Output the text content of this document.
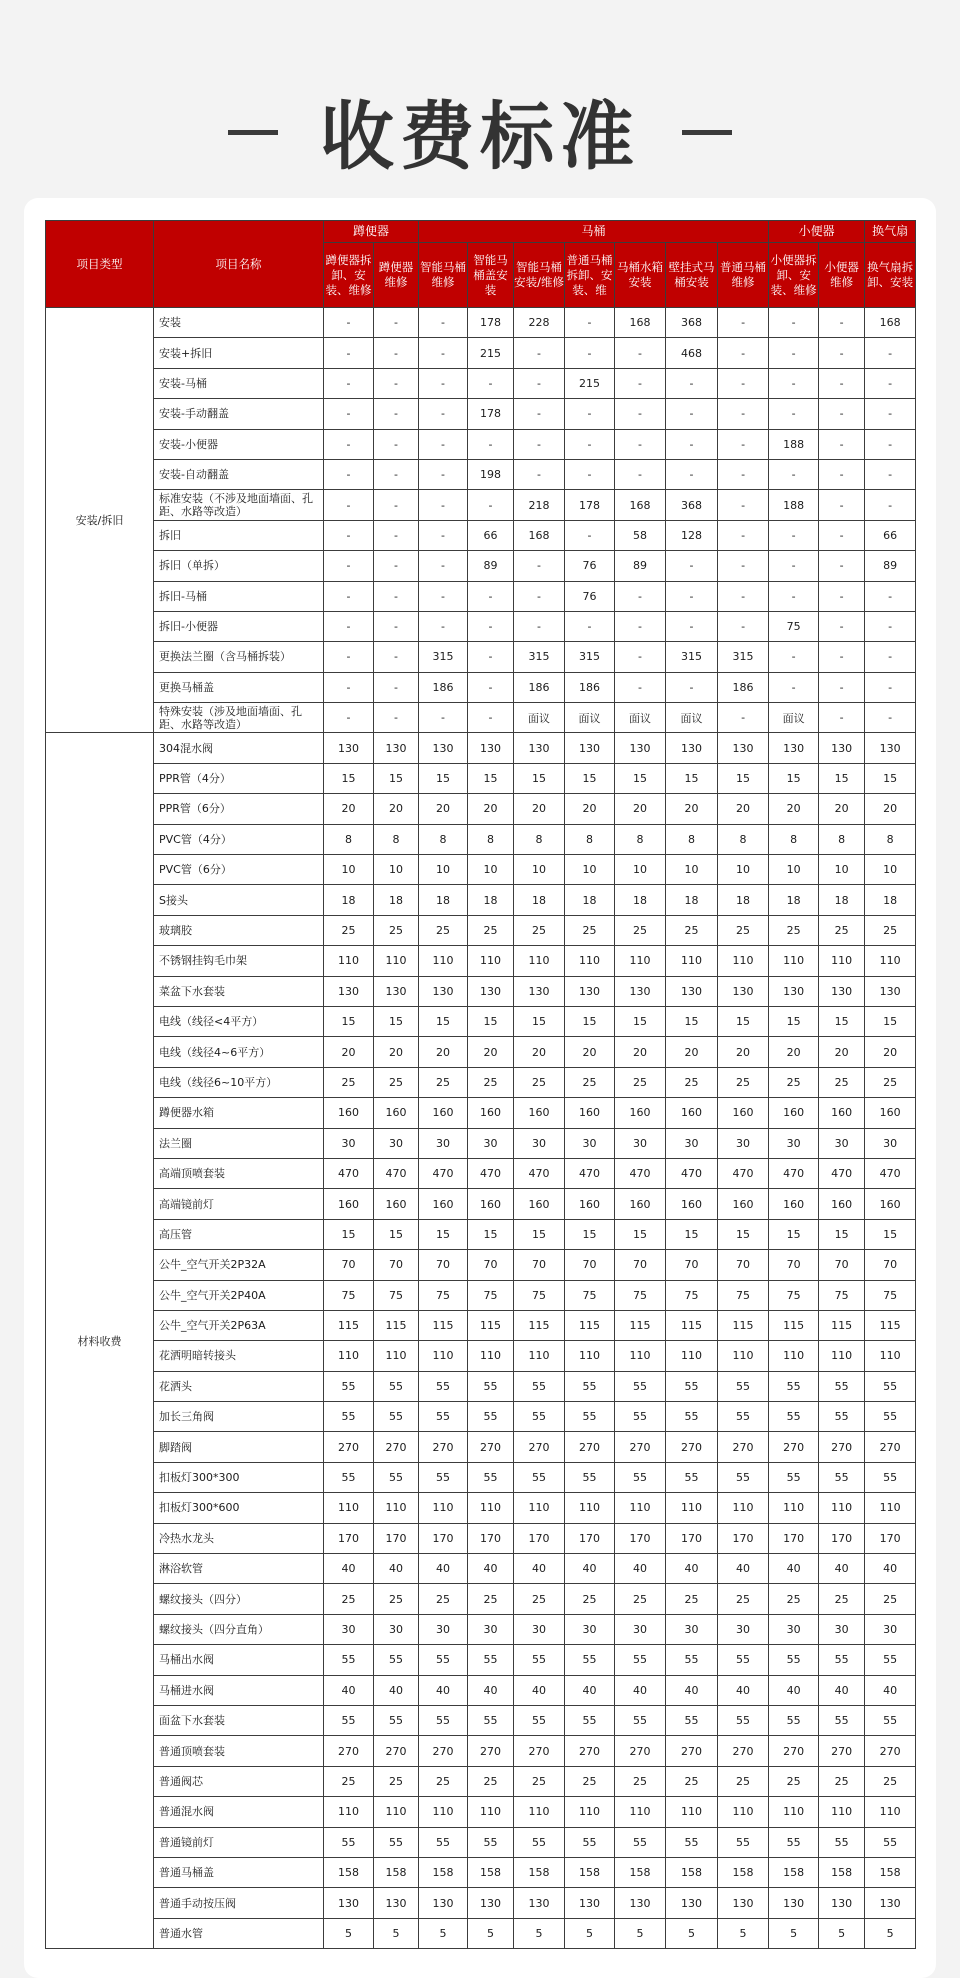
收费标准
项目类型	项目名称	蹲便器		马桶							小便器		换气扇
		蹲便器拆卸、安装、维修	蹲便器维修	智能马桶维修	智能马桶盖安装	智能马桶安装/维修	普通马桶拆卸、安装、维	马桶水箱安装	壁挂式马桶安装	普通马桶维修	小便器拆卸、安装、维修	小便器维修	换气扇拆卸、安装
安装/拆旧	安装	-	-	-	178	228	-	168	368	-	-	-	168
	安装+拆旧	-	-	-	215	-	-	-	468	-	-	-	-
	安装-马桶	-	-	-	-	-	215	-	-	-	-	-	-
	安装-手动翻盖	-	-	-	178	-	-	-	-	-	-	-	-
	安装-小便器	-	-	-	-	-	-	-	-	-	188	-	-
	安装-自动翻盖	-	-	-	198	-	-	-	-	-	-	-	-
	标准安装（不涉及地面墙面、孔距、水路等改造）	-	-	-	-	218	178	168	368	-	188	-	-
	拆旧	-	-	-	66	168	-	58	128	-	-	-	66
	拆旧（单拆）	-	-	-	89	-	76	89	-	-	-	-	89
	拆旧-马桶	-	-	-	-	-	76	-	-	-	-	-	-
	拆旧-小便器	-	-	-	-	-	-	-	-	-	75	-	-
	更换法兰圈（含马桶拆装）	-	-	315	-	315	315	-	315	315	-	-	-
	更换马桶盖	-	-	186	-	186	186	-	-	186	-	-	-
	特殊安装（涉及地面墙面、孔距、水路等改造）	-	-	-	-	面议	面议	面议	面议	-	面议	-	-
材料收费	304混水阀	130	130	130	130	130	130	130	130	130	130	130	130
	PPR管（4分）	15	15	15	15	15	15	15	15	15	15	15	15
	PPR管（6分）	20	20	20	20	20	20	20	20	20	20	20	20
	PVC管（4分）	8	8	8	8	8	8	8	8	8	8	8	8
	PVC管（6分）	10	10	10	10	10	10	10	10	10	10	10	10
	S接头	18	18	18	18	18	18	18	18	18	18	18	18
	玻璃胶	25	25	25	25	25	25	25	25	25	25	25	25
	不锈钢挂钩毛巾架	110	110	110	110	110	110	110	110	110	110	110	110
	菜盆下水套装	130	130	130	130	130	130	130	130	130	130	130	130
	电线（线径<4平方）	15	15	15	15	15	15	15	15	15	15	15	15
	电线（线径4~6平方）	20	20	20	20	20	20	20	20	20	20	20	20
	电线（线径6~10平方）	25	25	25	25	25	25	25	25	25	25	25	25
	蹲便器水箱	160	160	160	160	160	160	160	160	160	160	160	160
	法兰圈	30	30	30	30	30	30	30	30	30	30	30	30
	高端顶喷套装	470	470	470	470	470	470	470	470	470	470	470	470
	高端镜前灯	160	160	160	160	160	160	160	160	160	160	160	160
	高压管	15	15	15	15	15	15	15	15	15	15	15	15
	公牛_空气开关2P32A	70	70	70	70	70	70	70	70	70	70	70	70
	公牛_空气开关2P40A	75	75	75	75	75	75	75	75	75	75	75	75
	公牛_空气开关2P63A	115	115	115	115	115	115	115	115	115	115	115	115
	花洒明暗转接头	110	110	110	110	110	110	110	110	110	110	110	110
	花洒头	55	55	55	55	55	55	55	55	55	55	55	55
	加长三角阀	55	55	55	55	55	55	55	55	55	55	55	55
	脚踏阀	270	270	270	270	270	270	270	270	270	270	270	270
	扣板灯300*300	55	55	55	55	55	55	55	55	55	55	55	55
	扣板灯300*600	110	110	110	110	110	110	110	110	110	110	110	110
	冷热水龙头	170	170	170	170	170	170	170	170	170	170	170	170
	淋浴软管	40	40	40	40	40	40	40	40	40	40	40	40
	螺纹接头（四分）	25	25	25	25	25	25	25	25	25	25	25	25
	螺纹接头（四分直角）	30	30	30	30	30	30	30	30	30	30	30	30
	马桶出水阀	55	55	55	55	55	55	55	55	55	55	55	55
	马桶进水阀	40	40	40	40	40	40	40	40	40	40	40	40
	面盆下水套装	55	55	55	55	55	55	55	55	55	55	55	55
	普通顶喷套装	270	270	270	270	270	270	270	270	270	270	270	270
	普通阀芯	25	25	25	25	25	25	25	25	25	25	25	25
	普通混水阀	110	110	110	110	110	110	110	110	110	110	110	110
	普通镜前灯	55	55	55	55	55	55	55	55	55	55	55	55
	普通马桶盖	158	158	158	158	158	158	158	158	158	158	158	158
	普通手动按压阀	130	130	130	130	130	130	130	130	130	130	130	130
	普通水管	5	5	5	5	5	5	5	5	5	5	5	5
